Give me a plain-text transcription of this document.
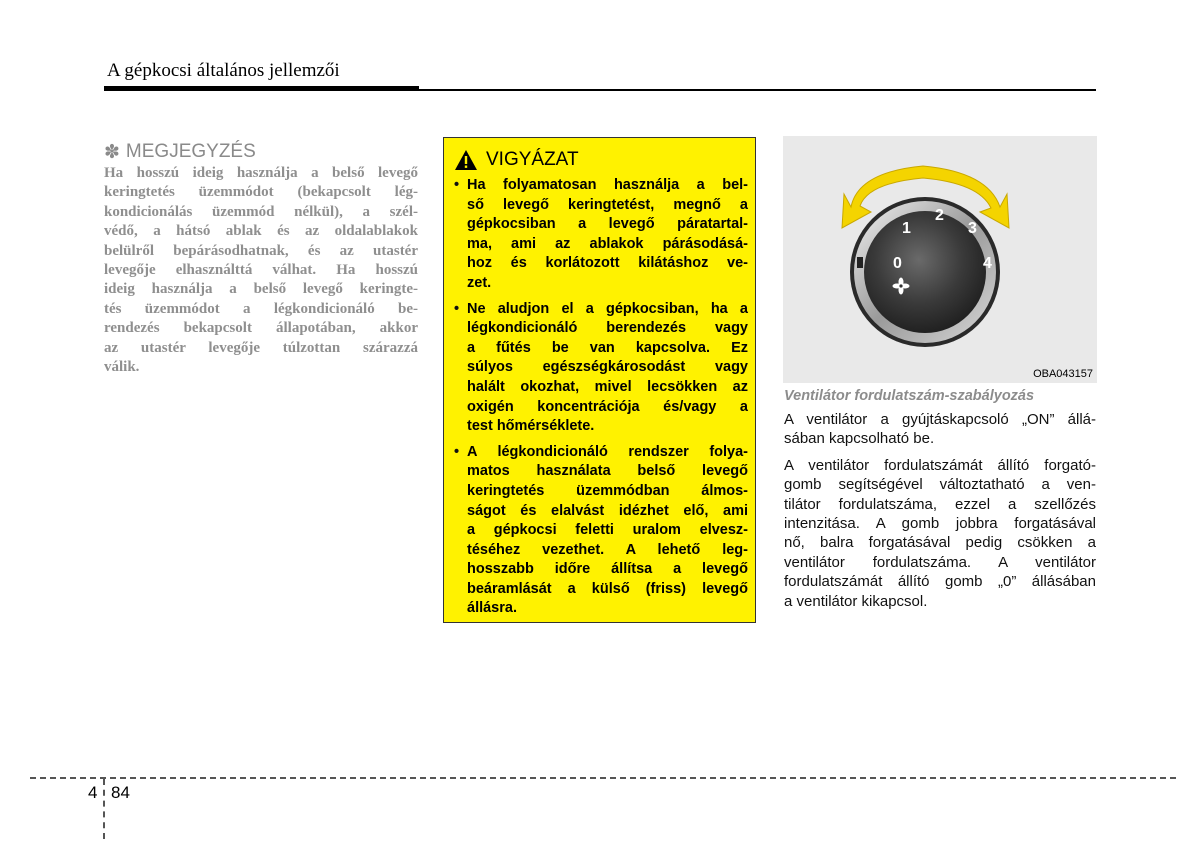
A gépkocsi általános jellemzői
✽ MEGJEGYZÉS
Ha hosszú ideig használja a belső levegő
keringtetés üzemmódot (bekapcsolt lég-
kondicionálás üzemmód nélkül), a szél-
védő, a hátsó ablak és az oldalablakok
belülről bepárásodhatnak, és az utastér
levegője elhasználttá válhat. Ha hosszú
ideig használja a belső levegő keringte-
tés üzemmódot a légkondicionáló be-
rendezés bekapcsolt állapotában, akkor
az utastér levegője túlzottan szárazzá
válik.
VIGYÁZAT
• Ha folyamatosan használja a bel-
ső levegő keringtetést, megnő a
gépkocsiban a levegő páratartal-
ma, ami az ablakok párásodásá-
hoz és korlátozott kilátáshoz ve-
zet.
• Ne aludjon el a gépkocsiban, ha a
légkondicionáló berendezés vagy
a fűtés be van kapcsolva. Ez
súlyos egészségkárosodást vagy
halált okozhat, mivel lecsökken az
oxigén koncentrációja és/vagy a
test hőmérséklete.
• A légkondicionáló rendszer folya-
matos használata belső levegő
keringtetés üzemmódban álmos-
ságot és elalvást idézhet elő, ami
a gépkocsi feletti uralom elvesz-
téséhez vezethet. A lehető leg-
hosszabb időre állítsa a levegő
beáramlását a külső (friss) levegő
állásra.
0
1
2
3
4
OBA043157
Ventilátor fordulatszám-szabályozás
A ventilátor a gyújtáskapcsoló „ON” állá-
sában kapcsolható be.
A ventilátor fordulatszámát állító forgató-
gomb segítségével változtatható a ven-
tilátor fordulatszáma, ezzel a szellőzés
intenzitása. A gomb jobbra forgatásával
nő, balra forgatásával pedig csökken a
ventilátor fordulatszáma. A ventilátor
fordulatszámát állító gomb „0” állásában
a ventilátor kikapcsol.
4 84
